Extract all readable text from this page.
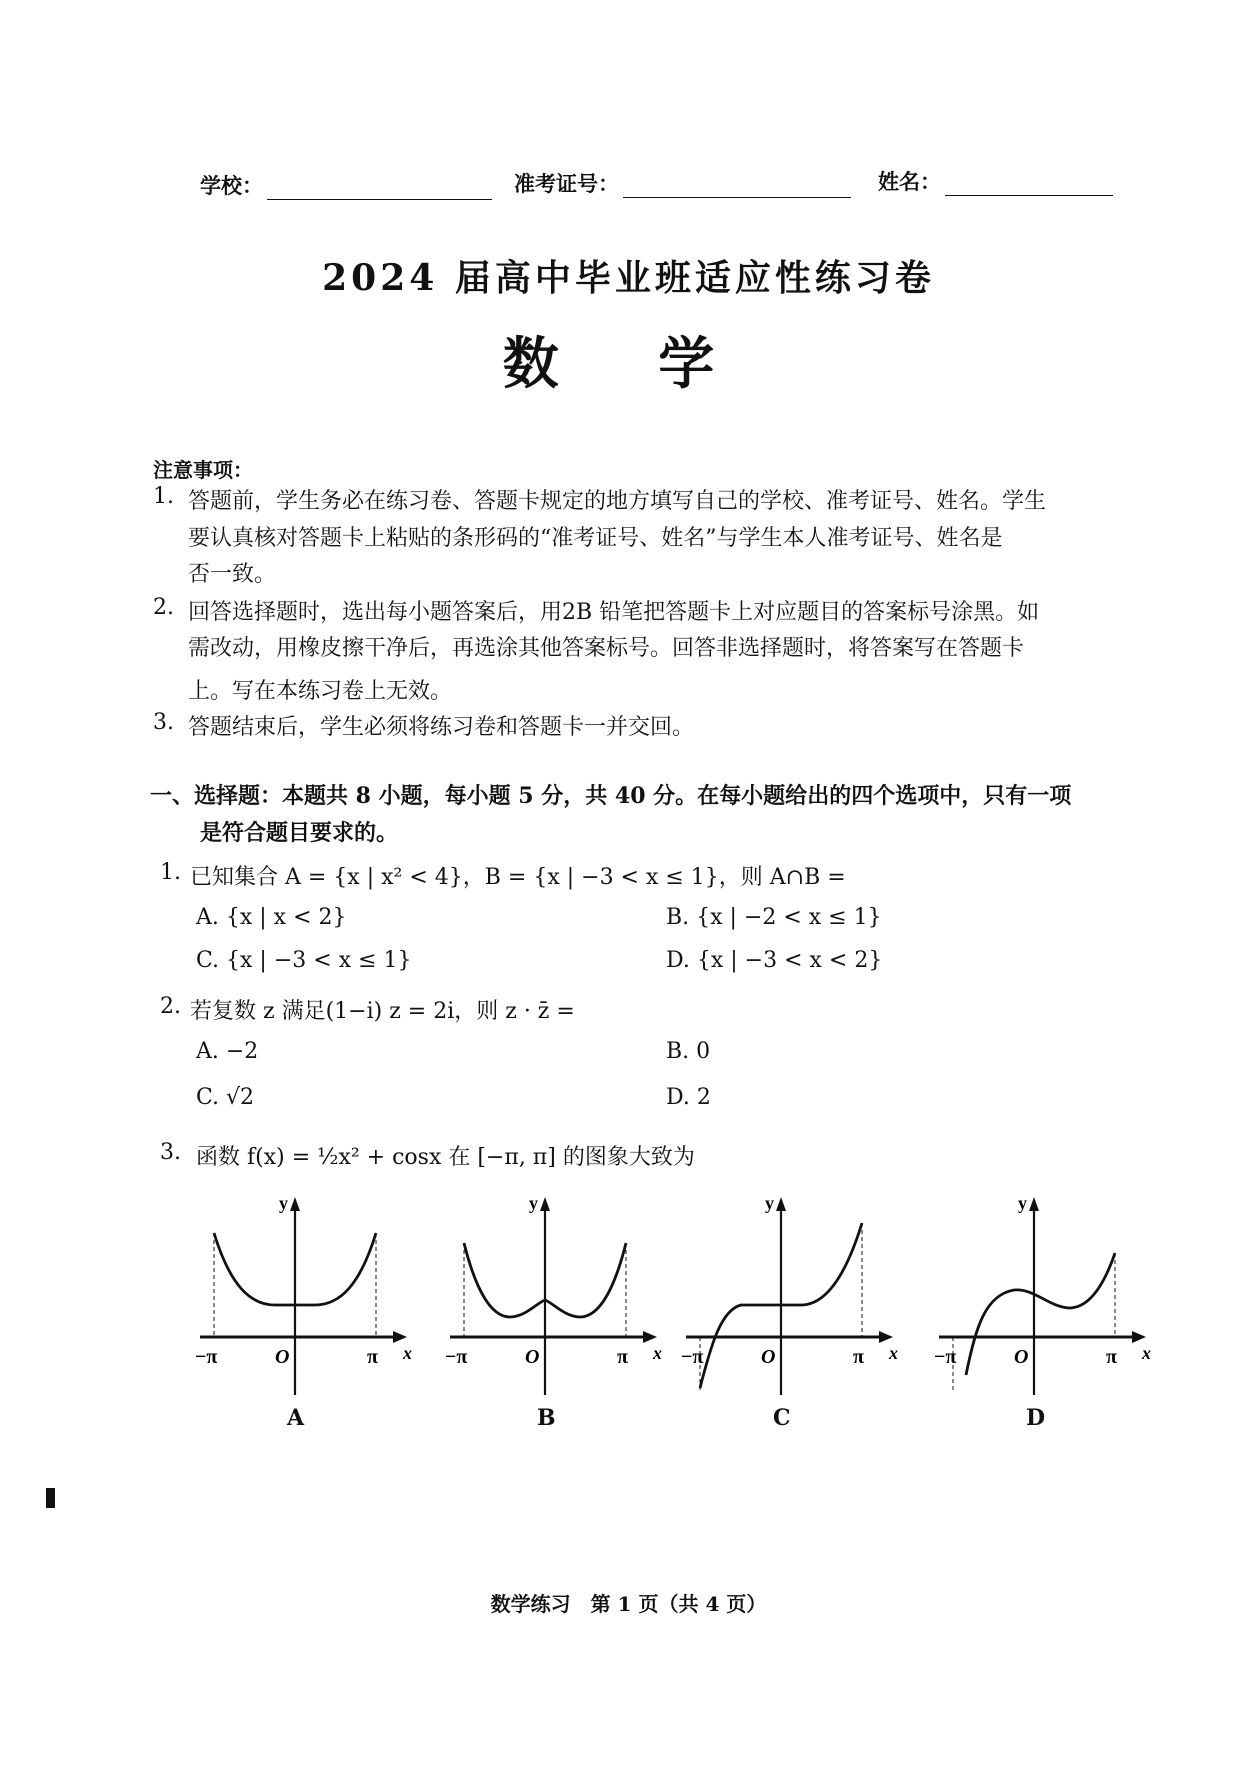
学校：	准考证号：	姓名：
2024 届高中毕业班适应性练习卷
数 学
注意事项：
1. 答题前，学生务必在练习卷、答题卡规定的地方填写自己的学校、准考证号、姓名。学生
要认真核对答题卡上粘贴的条形码的“准考证号、姓名”与学生本人准考证号、姓名是
否一致。
2. 回答选择题时，选出每小题答案后，用2B 铅笔把答题卡上对应题目的答案标号涂黑。如
需改动，用橡皮擦干净后，再选涂其他答案标号。回答非选择题时，将答案写在答题卡
上。写在本练习卷上无效。
3. 答题结束后，学生必须将练习卷和答题卡一并交回。
一、选择题：本题共 8 小题，每小题 5 分，共 40 分。在每小题给出的四个选项中，只有一项
是符合题目要求的。
1. 已知集合 A = {x | x² < 4}，B = {x | −3 < x ≤ 1}，则 A∩B =
A. {x | x < 2}	B. {x | −2 < x ≤ 1}
C. {x | −3 < x ≤ 1}	D. {x | −3 < x < 2}
2. 若复数 z 满足(1−i) z = 2i，则 z · z̄ =
A. −2	B. 0
C. √2	D. 2
3. 函数 f(x) = ½x² + cosx 在 [−π, π] 的图象大致为
y
x
O
−π	π
A
y
x
O
−π	π
B
y
x
O
−π	π
C
y
x
O
−π	π
D
数学练习　第 1 页（共 4 页）
